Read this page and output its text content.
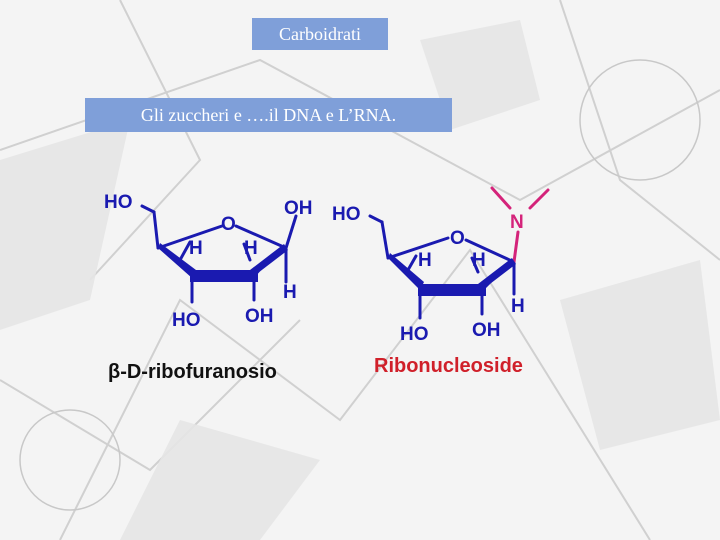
Carboidrati
Gli zuccheri e ….il DNA e L’RNA.
HO
O
OH
H H
H
HO OH
β-D-ribofuranosio
HO
O
N
H H
H
HO OH
Ribonucleoside
